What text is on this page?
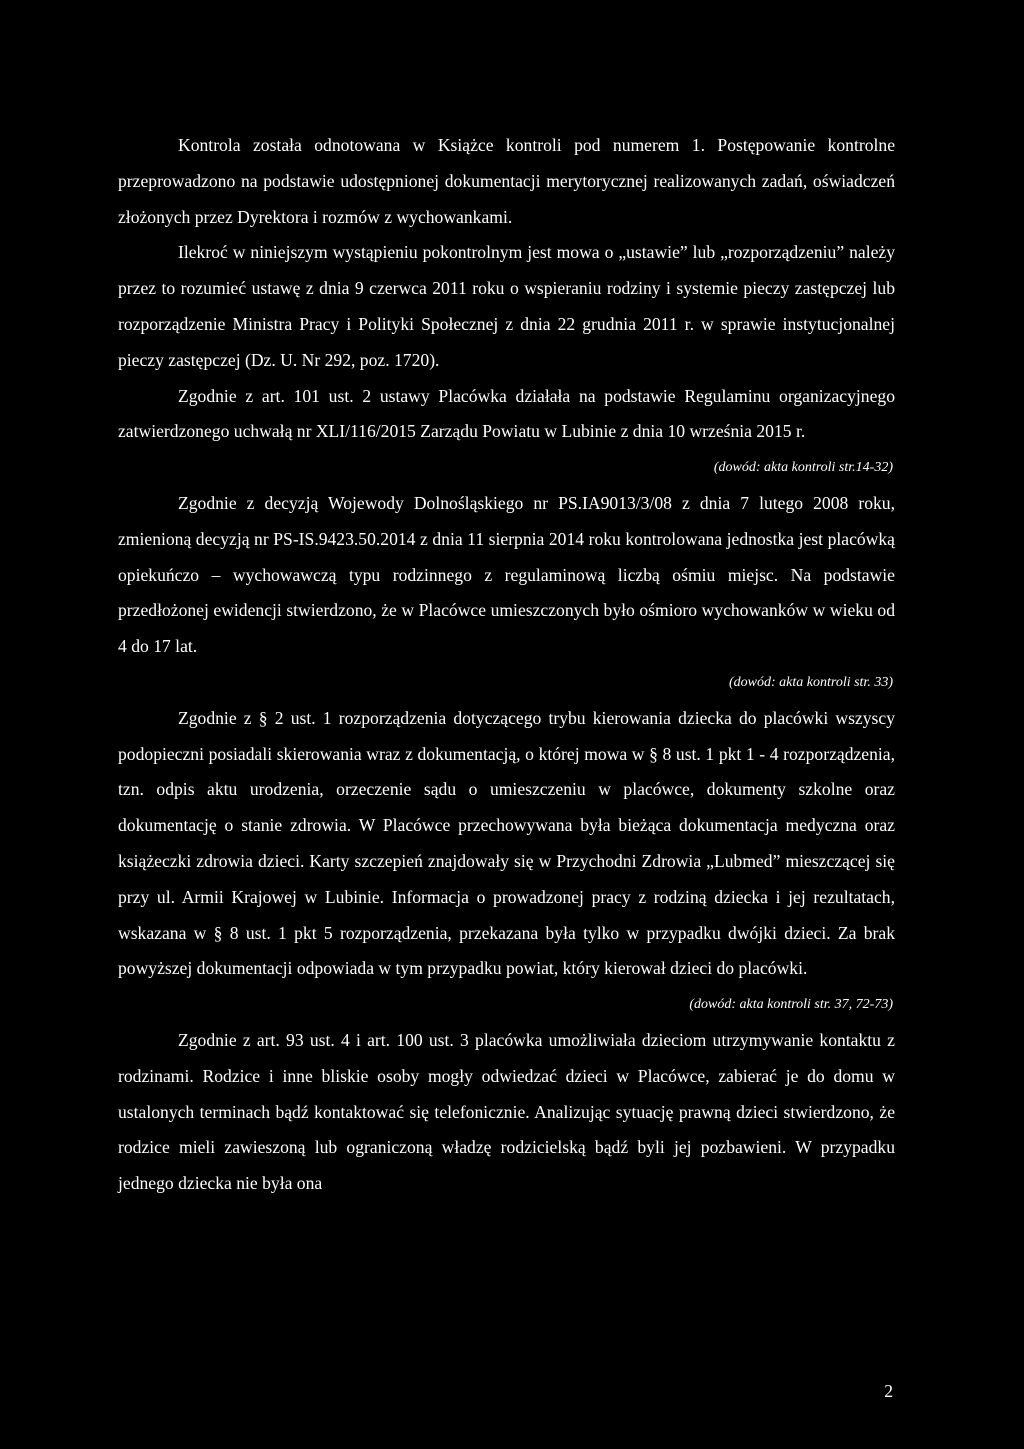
Kontrola została odnotowana w Książce kontroli pod numerem 1. Postępowanie kontrolne przeprowadzono na podstawie udostępnionej dokumentacji merytorycznej realizowanych zadań, oświadczeń złożonych przez Dyrektora i rozmów z wychowankami.

Ilekroć w niniejszym wystąpieniu pokontrolnym jest mowa o „ustawie” lub „rozporządzeniu” należy przez to rozumieć ustawę z dnia 9 czerwca 2011 roku o wspieraniu rodziny i systemie pieczy zastępczej lub rozporządzenie Ministra Pracy i Polityki Społecznej z dnia 22 grudnia 2011 r. w sprawie instytucjonalnej pieczy zastępczej (Dz. U. Nr 292, poz. 1720).

Zgodnie z art. 101 ust. 2 ustawy Placówka działała na podstawie Regulaminu organizacyjnego zatwierdzonego uchwałą nr XLI/116/2015 Zarządu Powiatu w Lubinie z dnia 10 września 2015 r.

(dowód: akta kontroli str.14-32)

Zgodnie z decyzją Wojewody Dolnośląskiego nr PS.IA9013/3/08 z dnia 7 lutego 2008 roku, zmienioną decyzją nr PS-IS.9423.50.2014 z dnia 11 sierpnia 2014 roku kontrolowana jednostka jest placówką opiekuńczo – wychowawczą typu rodzinnego z regulaminową liczbą ośmiu miejsc. Na podstawie przedłożonej ewidencji stwierdzono, że w Placówce umieszczonych było ośmioro wychowanków w wieku od 4 do 17 lat.

(dowód: akta kontroli str. 33)

Zgodnie z § 2 ust. 1 rozporządzenia dotyczącego trybu kierowania dziecka do placówki wszyscy podopieczni posiadali skierowania wraz z dokumentacją, o której mowa w § 8 ust. 1 pkt 1 - 4 rozporządzenia, tzn. odpis aktu urodzenia, orzeczenie sądu o umieszczeniu w placówce, dokumenty szkolne oraz dokumentację o stanie zdrowia. W Placówce przechowywana była bieżąca dokumentacja medyczna oraz książeczki zdrowia dzieci. Karty szczepień znajdowały się w Przychodni Zdrowia „Lubmed” mieszczącej się przy ul. Armii Krajowej w Lubinie. Informacja o prowadzonej pracy z rodziną dziecka i jej rezultatach, wskazana w § 8 ust. 1 pkt 5 rozporządzenia, przekazana była tylko w przypadku dwójki dzieci. Za brak powyższej dokumentacji odpowiada w tym przypadku powiat, który kierował dzieci do placówki.

(dowód: akta kontroli str. 37, 72-73)

Zgodnie z art. 93 ust. 4 i art. 100 ust. 3 placówka umożliwiała dzieciom utrzymywanie kontaktu z rodzinami. Rodzice i inne bliskie osoby mogły odwiedzać dzieci w Placówce, zabierać je do domu w ustalonych terminach bądź kontaktować się telefonicznie. Analizując sytuację prawną dzieci stwierdzono, że rodzice mieli zawieszoną lub ograniczoną władzę rodzicielską bądź byli jej pozbawieni. W przypadku jednego dziecka nie była ona

2
